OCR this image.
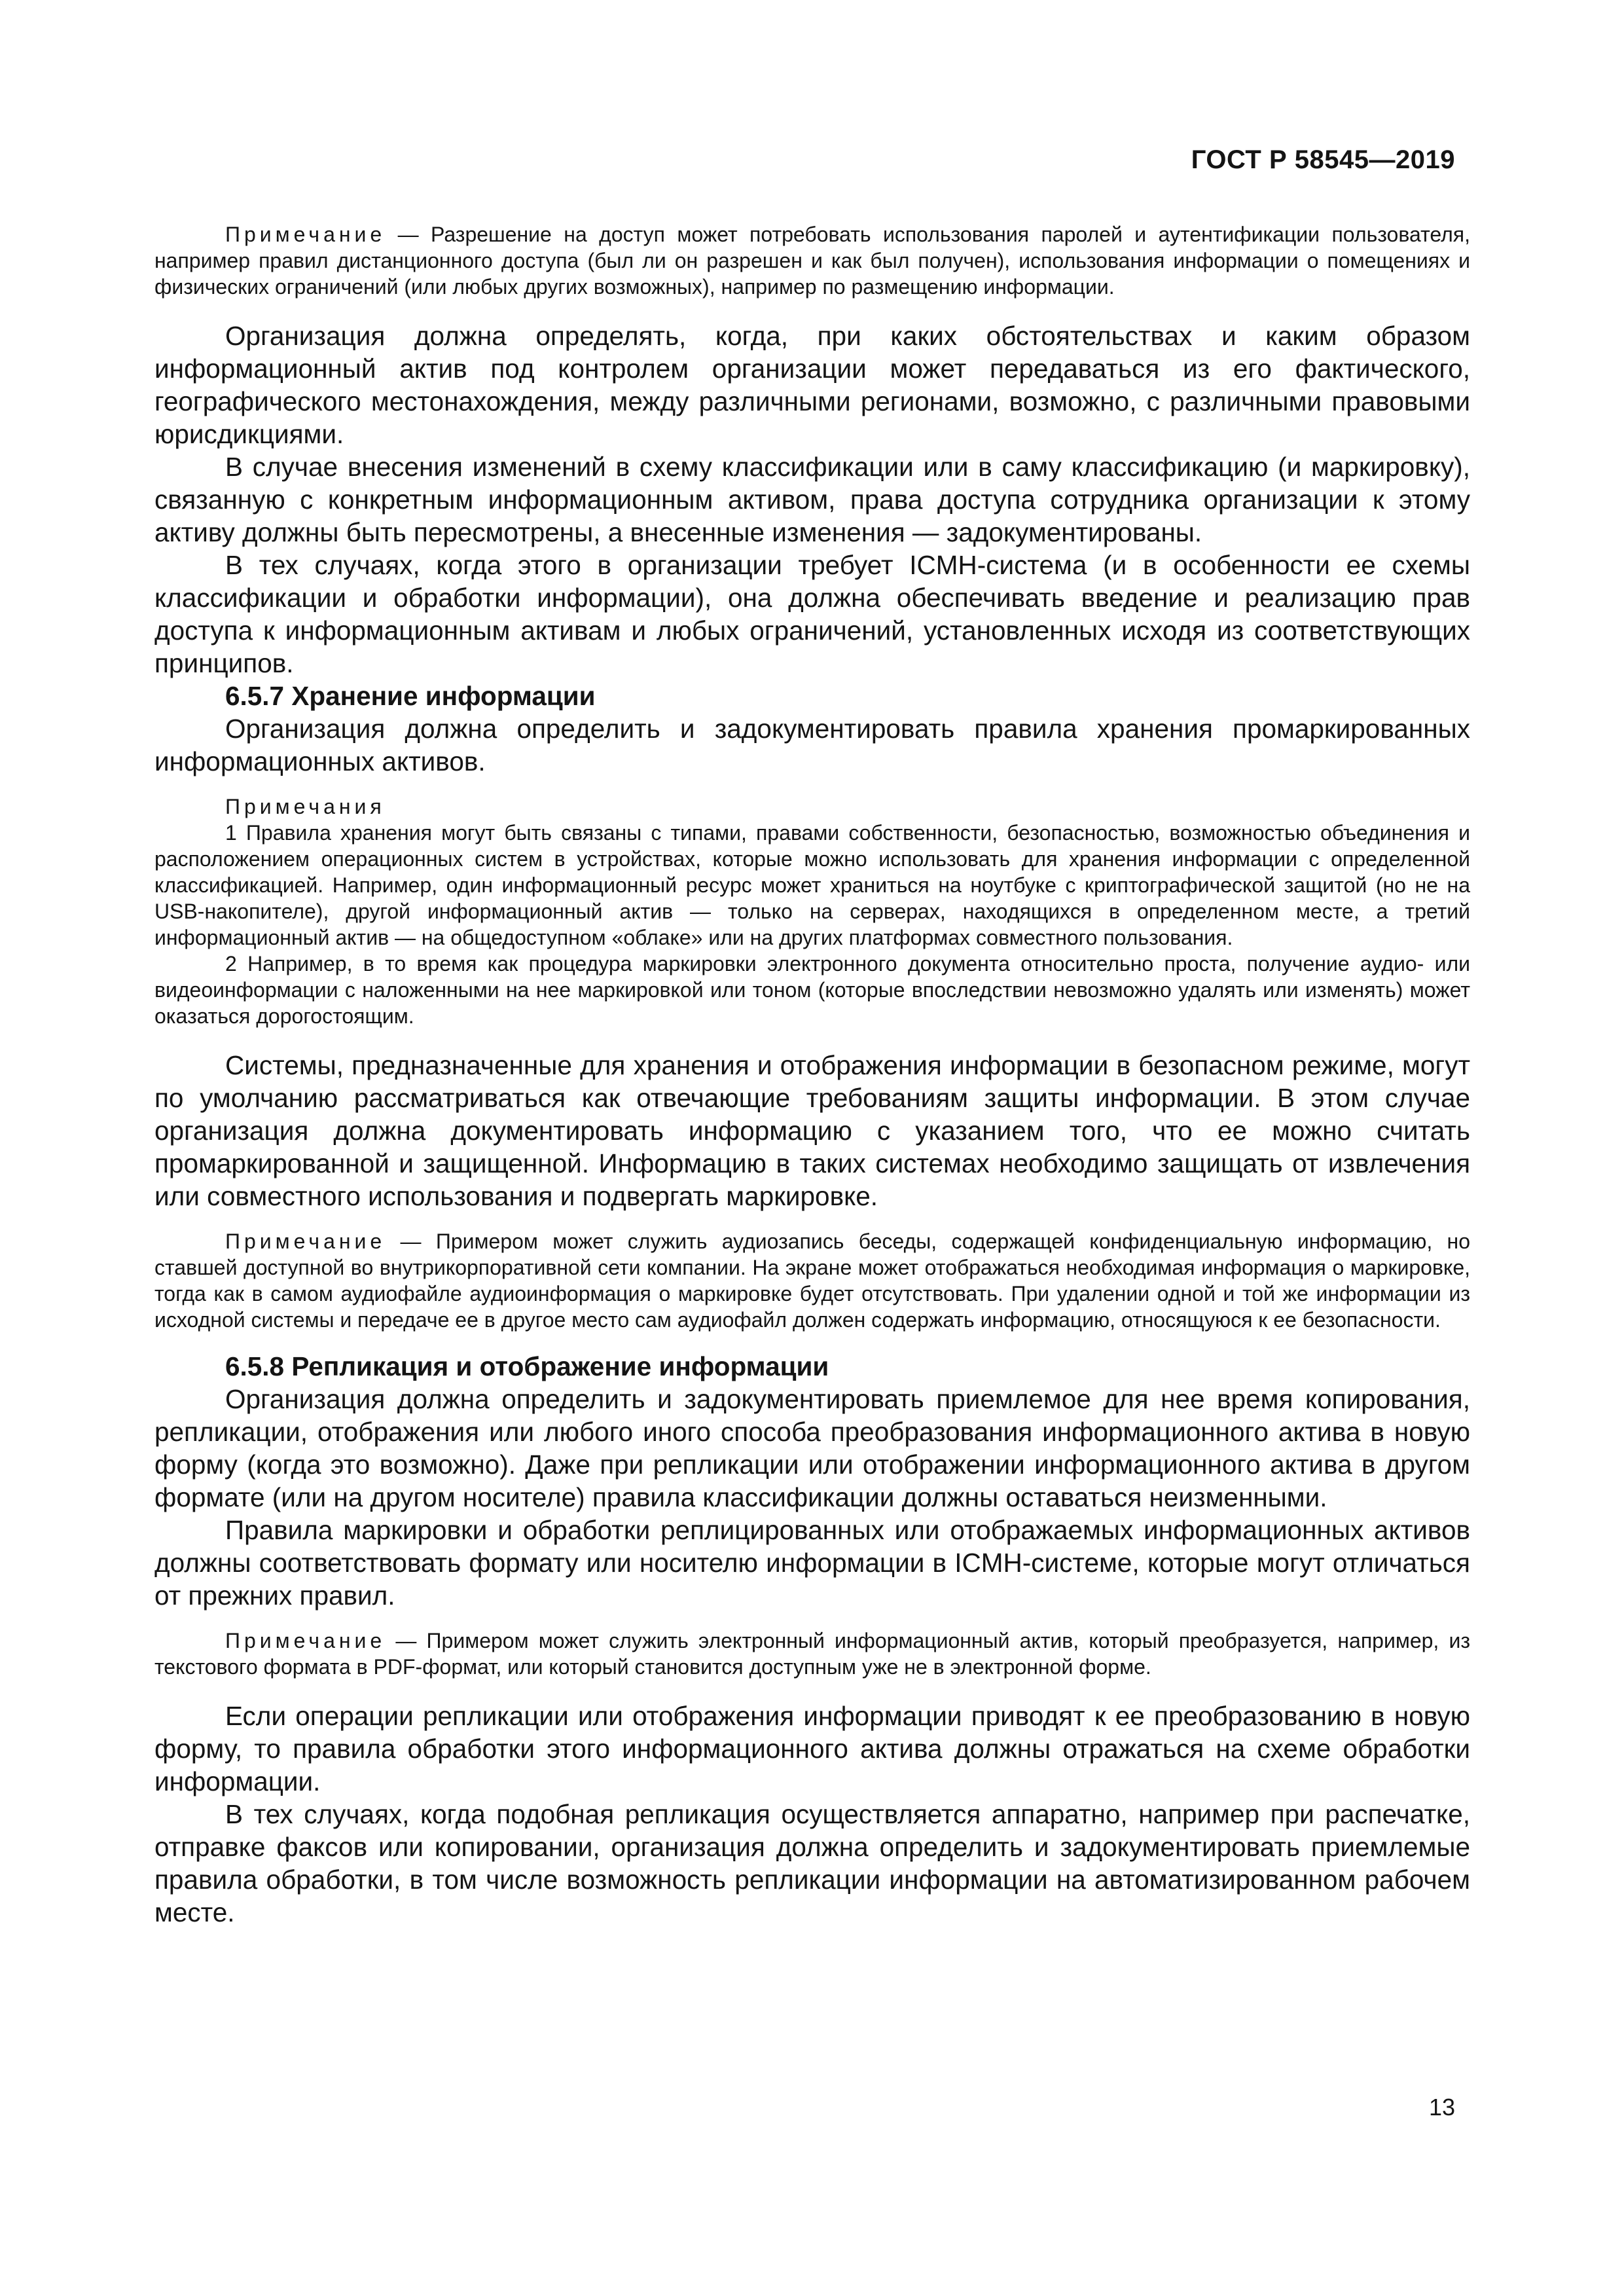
ГОСТ Р 58545—2019

Примечание — Разрешение на доступ может потребовать использования паролей и аутентификации пользователя, например правил дистанционного доступа (был ли он разрешен и как был получен), использования информации о помещениях и физических ограничений (или любых других возможных), например по размещению информации.

Организация должна определять, когда, при каких обстоятельствах и каким образом информационный актив под контролем организации может передаваться из его фактического, географического местонахождения, между различными регионами, возможно, с различными правовыми юрисдикциями.

В случае внесения изменений в схему классификации или в саму классификацию (и маркировку), связанную с конкретным информационным активом, права доступа сотрудника организации к этому активу должны быть пересмотрены, а внесенные изменения — задокументированы.

В тех случаях, когда этого в организации требует ICMH-система (и в особенности ее схемы классификации и обработки информации), она должна обеспечивать введение и реализацию прав доступа к информационным активам и любых ограничений, установленных исходя из соответствующих принципов.

6.5.7 Хранение информации

Организация должна определить и задокументировать правила хранения промаркированных информационных активов.

Примечания

1 Правила хранения могут быть связаны с типами, правами собственности, безопасностью, возможностью объединения и расположением операционных систем в устройствах, которые можно использовать для хранения информации с определенной классификацией. Например, один информационный ресурс может храниться на ноутбуке с криптографической защитой (но не на USB-накопителе), другой информационный актив — только на серверах, находящихся в определенном месте, а третий информационный актив — на общедоступном «облаке» или на других платформах совместного пользования.

2 Например, в то время как процедура маркировки электронного документа относительно проста, получение аудио- или видеоинформации с наложенными на нее маркировкой или тоном (которые впоследствии невозможно удалять или изменять) может оказаться дорогостоящим.

Системы, предназначенные для хранения и отображения информации в безопасном режиме, могут по умолчанию рассматриваться как отвечающие требованиям защиты информации. В этом случае организация должна документировать информацию с указанием того, что ее можно считать промаркированной и защищенной. Информацию в таких системах необходимо защищать от извлечения или совместного использования и подвергать маркировке.

Примечание — Примером может служить аудиозапись беседы, содержащей конфиденциальную информацию, но ставшей доступной во внутрикорпоративной сети компании. На экране может отображаться необходимая информация о маркировке, тогда как в самом аудиофайле аудиоинформация о маркировке будет отсутствовать. При удалении одной и той же информации из исходной системы и передаче ее в другое место сам аудиофайл должен содержать информацию, относящуюся к ее безопасности.

6.5.8 Репликация и отображение информации

Организация должна определить и задокументировать приемлемое для нее время копирования, репликации, отображения или любого иного способа преобразования информационного актива в новую форму (когда это возможно). Даже при репликации или отображении информационного актива в другом формате (или на другом носителе) правила классификации должны оставаться неизменными.

Правила маркировки и обработки реплицированных или отображаемых информационных активов должны соответствовать формату или носителю информации в ICMH-системе, которые могут отличаться от прежних правил.

Примечание — Примером может служить электронный информационный актив, который преобразуется, например, из текстового формата в PDF-формат, или который становится доступным уже не в электронной форме.

Если операции репликации или отображения информации приводят к ее преобразованию в новую форму, то правила обработки этого информационного актива должны отражаться на схеме обработки информации.

В тех случаях, когда подобная репликация осуществляется аппаратно, например при распечатке, отправке факсов или копировании, организация должна определить и задокументировать приемлемые правила обработки, в том числе возможность репликации информации на автоматизированном рабочем месте.

13
